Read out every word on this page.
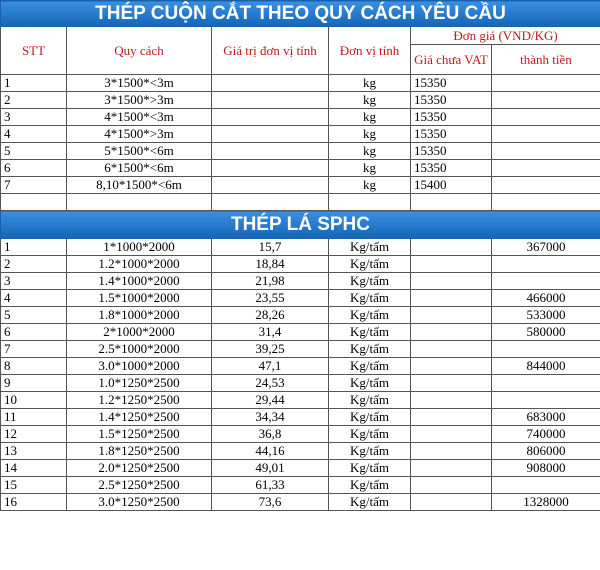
THÉP CUỘN CẮT THEO QUY CÁCH YÊU CẦU					
STT	Quy cách	Giá trị đơn vị tính	Đơn vị tính	Đơn giá (VND/KG)	
				Giá chưa VAT	thành tiền
1	3*1500*<3m		kg	15350	
2	3*1500*>3m		kg	15350	
3	4*1500*<3m		kg	15350	
4	4*1500*>3m		kg	15350	
5	5*1500*<6m		kg	15350	
6	6*1500*<6m		kg	15350	
7	8,10*1500*<6m		kg	15400	

THÉP LÁ SPHC					
1	1*1000*2000	15,7	Kg/tấm		367000
2	1.2*1000*2000	18,84	Kg/tấm		
3	1.4*1000*2000	21,98	Kg/tấm		
4	1.5*1000*2000	23,55	Kg/tấm		466000
5	1.8*1000*2000	28,26	Kg/tấm		533000
6	2*1000*2000	31,4	Kg/tấm		580000
7	2.5*1000*2000	39,25	Kg/tấm		
8	3.0*1000*2000	47,1	Kg/tấm		844000
9	1.0*1250*2500	24,53	Kg/tấm		
10	1.2*1250*2500	29,44	Kg/tấm		
11	1.4*1250*2500	34,34	Kg/tấm		683000
12	1.5*1250*2500	36,8	Kg/tấm		740000
13	1.8*1250*2500	44,16	Kg/tấm		806000
14	2.0*1250*2500	49,01	Kg/tấm		908000
15	2.5*1250*2500	61,33	Kg/tấm		
16	3.0*1250*2500	73,6	Kg/tấm		1328000
